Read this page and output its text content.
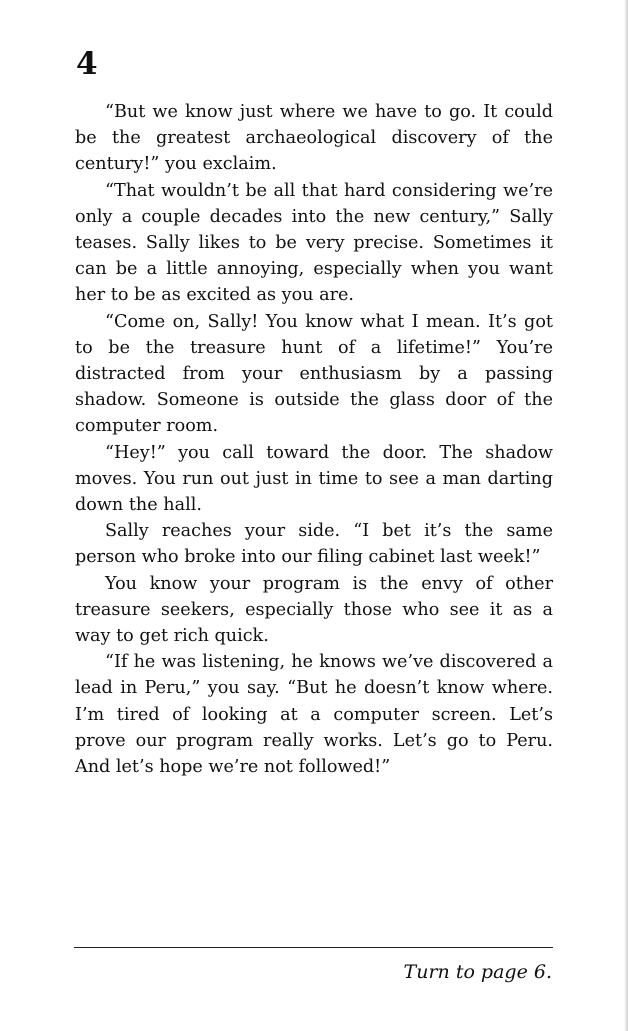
4

“But we know just where we have to go. It could be the greatest archaeological discovery of the century!” you exclaim.

“That wouldn’t be all that hard considering we’re only a couple decades into the new century,” Sally teases. Sally likes to be very precise. Sometimes it can be a little annoying, especially when you want her to be as excited as you are.

“Come on, Sally! You know what I mean. It’s got to be the treasure hunt of a lifetime!” You’re distracted from your enthusiasm by a passing shadow. Someone is outside the glass door of the computer room.

“Hey!” you call toward the door. The shadow moves. You run out just in time to see a man darting down the hall.

Sally reaches your side. “I bet it’s the same person who broke into our filing cabinet last week!”

You know your program is the envy of other treasure seekers, especially those who see it as a way to get rich quick.

“If he was listening, he knows we’ve discovered a lead in Peru,” you say. “But he doesn’t know where. I’m tired of looking at a computer screen. Let’s prove our program really works. Let’s go to Peru. And let’s hope we’re not followed!”

Turn to page 6.
